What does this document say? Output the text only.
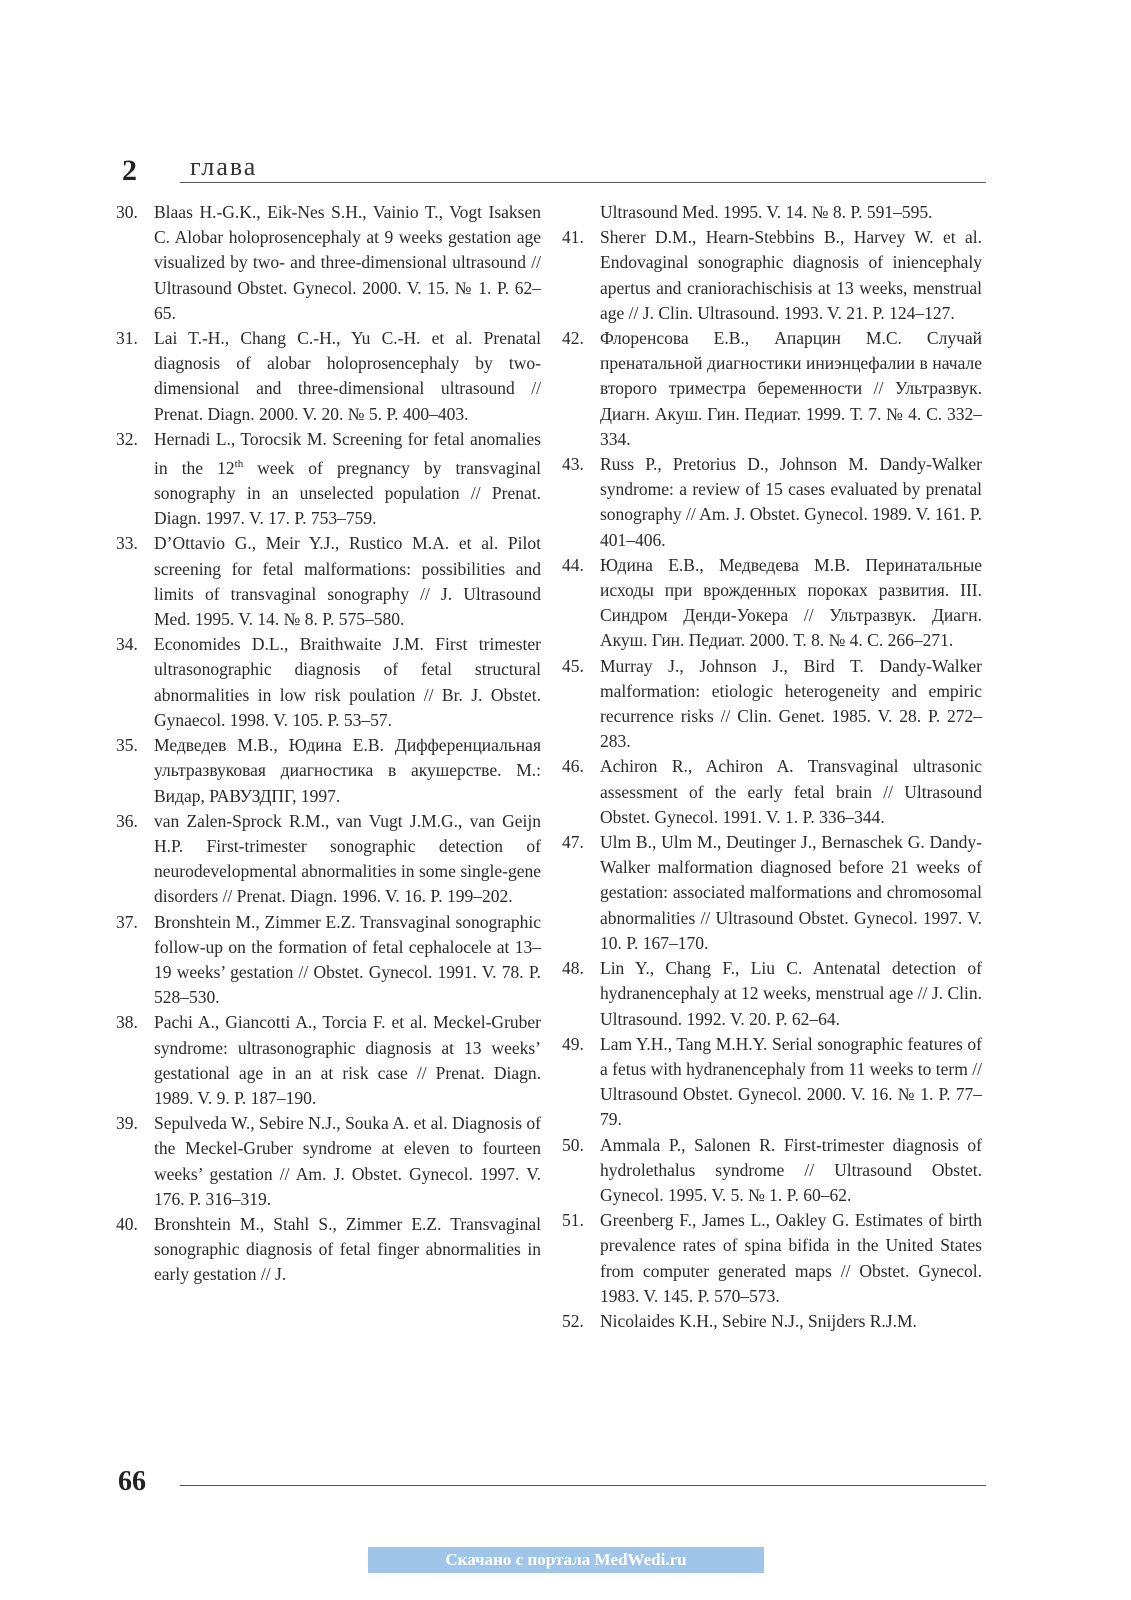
2 глава

30. Blaas H.-G.K., Eik-Nes S.H., Vainio T., Vogt Isaksen C. Alobar holoprosencephaly at 9 weeks gestation age visualized by two- and three-dimensional ultrasound // Ultrasound Obstet. Gynecol. 2000. V. 15. № 1. P. 62–65.

31. Lai T.-H., Chang C.-H., Yu C.-H. et al. Prenatal diagnosis of alobar holoprosencephaly by two-dimensional and three-dimensional ultrasound // Prenat. Diagn. 2000. V. 20. № 5. P. 400–403.

32. Hernadi L., Torocsik M. Screening for fetal anomalies in the 12th week of pregnancy by transvaginal sonography in an unselected population // Prenat. Diagn. 1997. V. 17. P. 753–759.

33. D’Ottavio G., Meir Y.J., Rustico M.A. et al. Pilot screening for fetal malformations: possibilities and limits of transvaginal sonography // J. Ultrasound Med. 1995. V. 14. № 8. P. 575–580.

34. Economides D.L., Braithwaite J.M. First trimester ultrasonographic diagnosis of fetal structural abnormalities in low risk poulation // Br. J. Obstet. Gynaecol. 1998. V. 105. P. 53–57.

35. Медведев М.В., Юдина Е.В. Дифференциальная ультразвуковая диагностика в акушерстве. М.: Видар, РАВУЗДПГ, 1997.

36. van Zalen-Sprock R.M., van Vugt J.M.G., van Geijn H.P. First-trimester sonographic detection of neurodevelopmental abnormalities in some single-gene disorders // Prenat. Diagn. 1996. V. 16. P. 199–202.

37. Bronshtein M., Zimmer E.Z. Transvaginal sonographic follow-up on the formation of fetal cephalocele at 13–19 weeks’ gestation // Obstet. Gynecol. 1991. V. 78. P. 528–530.

38. Pachi A., Giancotti A., Torcia F. et al. Meckel-Gruber syndrome: ultrasonographic diagnosis at 13 weeks’ gestational age in an at risk case // Prenat. Diagn. 1989. V. 9. P. 187–190.

39. Sepulveda W., Sebire N.J., Souka A. et al. Diagnosis of the Meckel-Gruber syndrome at eleven to fourteen weeks’ gestation // Am. J. Obstet. Gynecol. 1997. V. 176. P. 316–319.

40. Bronshtein M., Stahl S., Zimmer E.Z. Transvaginal sonographic diagnosis of fetal finger abnormalities in early gestation // J.

Ultrasound Med. 1995. V. 14. № 8. P. 591–595.

41. Sherer D.M., Hearn-Stebbins B., Harvey W. et al. Endovaginal sonographic diagnosis of iniencephaly apertus and craniorachischisis at 13 weeks, menstrual age // J. Clin. Ultrasound. 1993. V. 21. P. 124–127.

42. Флоренсова Е.В., Апарцин М.С. Случай пренатальной диагностики иниэнцефалии в начале второго триместра беременности // Ультразвук. Диагн. Акуш. Гин. Педиат. 1999. Т. 7. № 4. С. 332–334.

43. Russ P., Pretorius D., Johnson M. Dandy-Walker syndrome: a review of 15 cases evaluated by prenatal sonography // Am. J. Obstet. Gynecol. 1989. V. 161. P. 401–406.

44. Юдина Е.В., Медведева М.В. Перинатальные исходы при врожденных пороках развития. III. Синдром Денди-Уокера // Ультразвук. Диагн. Акуш. Гин. Педиат. 2000. Т. 8. № 4. С. 266–271.

45. Murray J., Johnson J., Bird T. Dandy-Walker malformation: etiologic heterogeneity and empiric recurrence risks // Clin. Genet. 1985. V. 28. P. 272–283.

46. Achiron R., Achiron A. Transvaginal ultrasonic assessment of the early fetal brain // Ultrasound Obstet. Gynecol. 1991. V. 1. P. 336–344.

47. Ulm B., Ulm M., Deutinger J., Bernaschek G. Dandy-Walker malformation diagnosed before 21 weeks of gestation: associated malformations and chromosomal abnormalities // Ultrasound Obstet. Gynecol. 1997. V. 10. P. 167–170.

48. Lin Y., Chang F., Liu C. Antenatal detection of hydranencephaly at 12 weeks, menstrual age // J. Clin. Ultrasound. 1992. V. 20. P. 62–64.

49. Lam Y.H., Tang M.H.Y. Serial sonographic features of a fetus with hydranencephaly from 11 weeks to term // Ultrasound Obstet. Gynecol. 2000. V. 16. № 1. P. 77–79.

50. Ammala P., Salonen R. First-trimester diagnosis of hydrolethalus syndrome // Ultrasound Obstet. Gynecol. 1995. V. 5. № 1. P. 60–62.

51. Greenberg F., James L., Oakley G. Estimates of birth prevalence rates of spina bifida in the United States from computer generated maps // Obstet. Gynecol. 1983. V. 145. P. 570–573.

52. Nicolaides K.H., Sebire N.J., Snijders R.J.M.

66
Скачано с портала MedWedi.ru
